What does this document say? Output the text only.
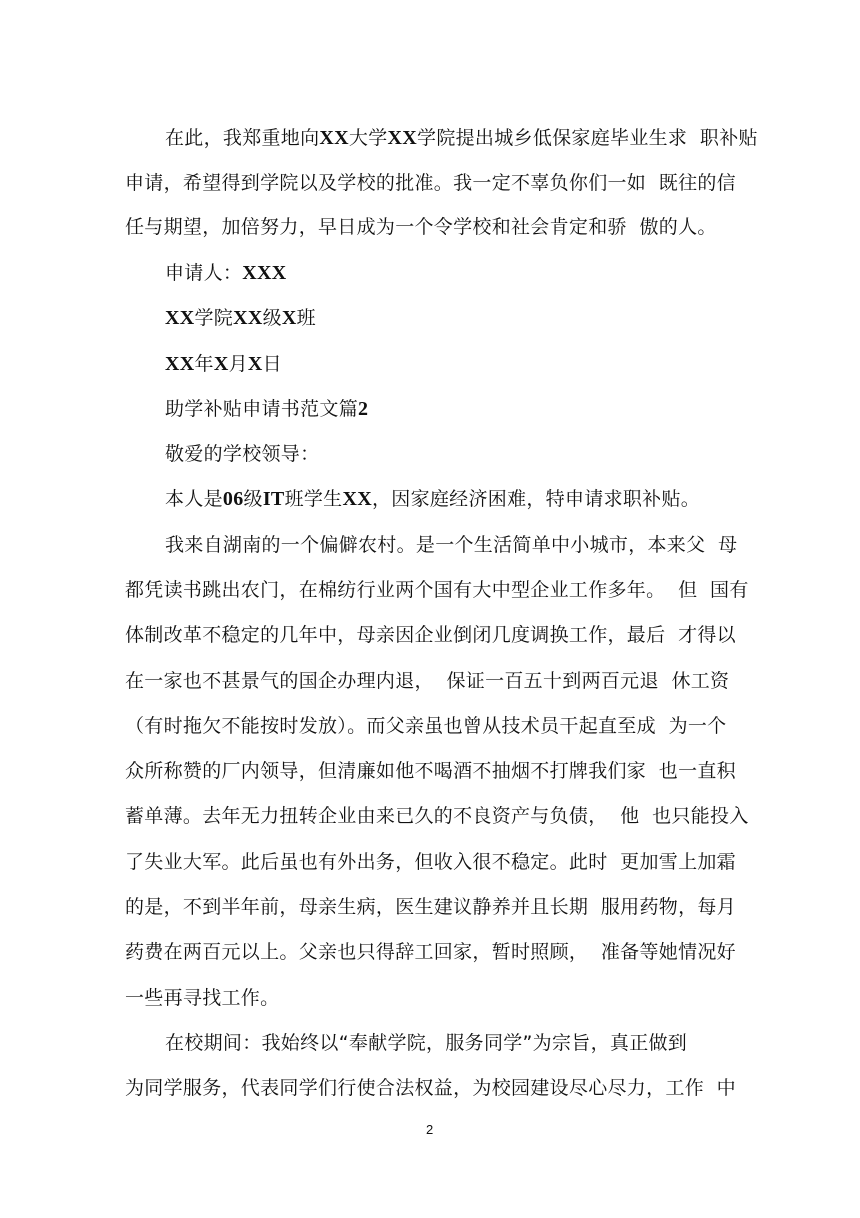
在此，我郑重地向XX大学XX学院提出城乡低保家庭毕业生求  职补贴
申请，希望得到学院以及学校的批准。我一定不辜负你们一如  既往的信
任与期望，加倍努力，早日成为一个令学校和社会肯定和骄  傲的人。
申请人：XXX
XX学院XX级X班
XX年X月X日
助学补贴申请书范文篇2
敬爱的学校领导：
本人是06级IT班学生XX，因家庭经济困难，特申请求职补贴。
我来自湖南的一个偏僻农村。是一个生活简单中小城市，本来父  母
都凭读书跳出农门，在棉纺行业两个国有大中型企业工作多年。  但  国有
体制改革不稳定的几年中，母亲因企业倒闭几度调换工作，最后  才得以
在一家也不甚景气的国企办理内退，  保证一百五十到两百元退  休工资
（有时拖欠不能按时发放）。而父亲虽也曾从技术员干起直至成  为一个
众所称赞的厂内领导，但清廉如他不喝酒不抽烟不打牌我们家  也一直积
蓄单薄。去年无力扭转企业由来已久的不良资产与负债，  他  也只能投入
了失业大军。此后虽也有外出务，但收入很不稳定。此时  更加雪上加霜
的是，不到半年前，母亲生病，医生建议静养并且长期  服用药物，每月
药费在两百元以上。父亲也只得辞工回家，暂时照顾，  准备等她情况好
一些再寻找工作。
在校期间：我始终以“奉献学院，服务同学”为宗旨，真正做到
为同学服务，代表同学们行使合法权益，为校园建设尽心尽力，工作  中
2
